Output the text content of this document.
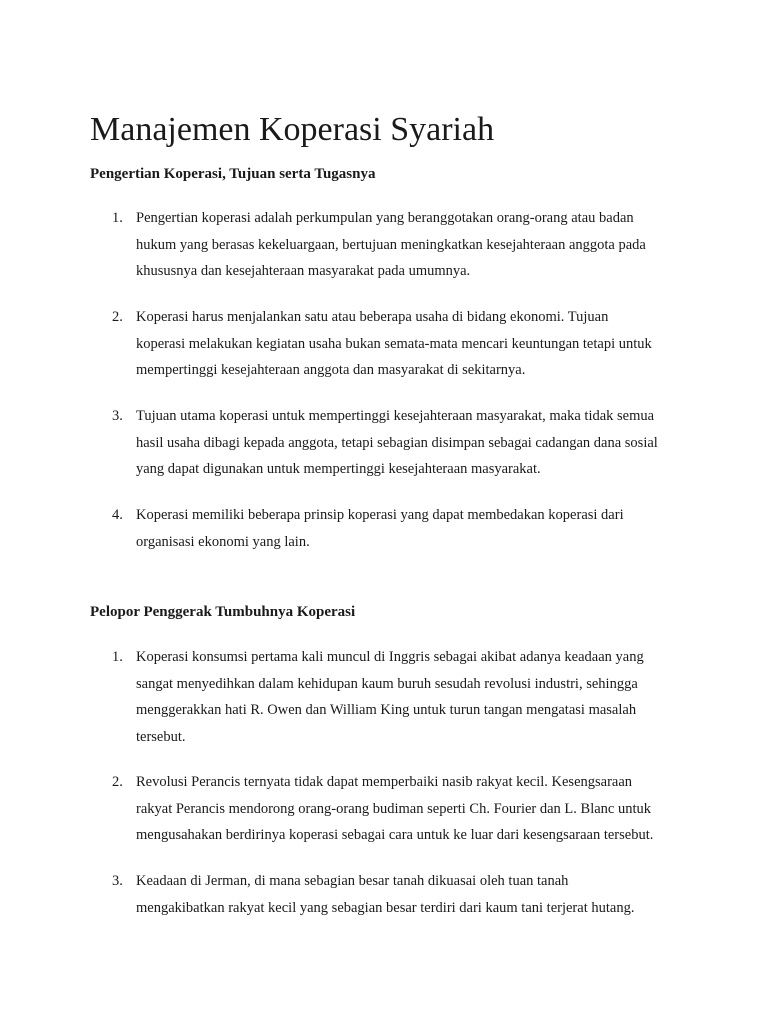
Manajemen Koperasi Syariah
Pengertian Koperasi, Tujuan serta Tugasnya
1. Pengertian koperasi adalah perkumpulan yang beranggotakan orang-orang atau badan
hukum yang berasas kekeluargaan, bertujuan meningkatkan kesejahteraan anggota pada
khususnya dan kesejahteraan masyarakat pada umumnya.
2. Koperasi harus menjalankan satu atau beberapa usaha di bidang ekonomi. Tujuan
koperasi melakukan kegiatan usaha bukan semata-mata mencari keuntungan tetapi untuk
mempertinggi kesejahteraan anggota dan masyarakat di sekitarnya.
3. Tujuan utama koperasi untuk mempertinggi kesejahteraan masyarakat, maka tidak semua
hasil usaha dibagi kepada anggota, tetapi sebagian disimpan sebagai cadangan dana sosial
yang dapat digunakan untuk mempertinggi kesejahteraan masyarakat.
4. Koperasi memiliki beberapa prinsip koperasi yang dapat membedakan koperasi dari
organisasi ekonomi yang lain.
Pelopor Penggerak Tumbuhnya Koperasi
1. Koperasi konsumsi pertama kali muncul di Inggris sebagai akibat adanya keadaan yang
sangat menyedihkan dalam kehidupan kaum buruh sesudah revolusi industri, sehingga
menggerakkan hati R. Owen dan William King untuk turun tangan mengatasi masalah
tersebut.
2. Revolusi Perancis ternyata tidak dapat memperbaiki nasib rakyat kecil. Kesengsaraan
rakyat Perancis mendorong orang-orang budiman seperti Ch. Fourier dan L. Blanc untuk
mengusahakan berdirinya koperasi sebagai cara untuk ke luar dari kesengsaraan tersebut.
3. Keadaan di Jerman, di mana sebagian besar tanah dikuasai oleh tuan tanah
mengakibatkan rakyat kecil yang sebagian besar terdiri dari kaum tani terjerat hutang.
